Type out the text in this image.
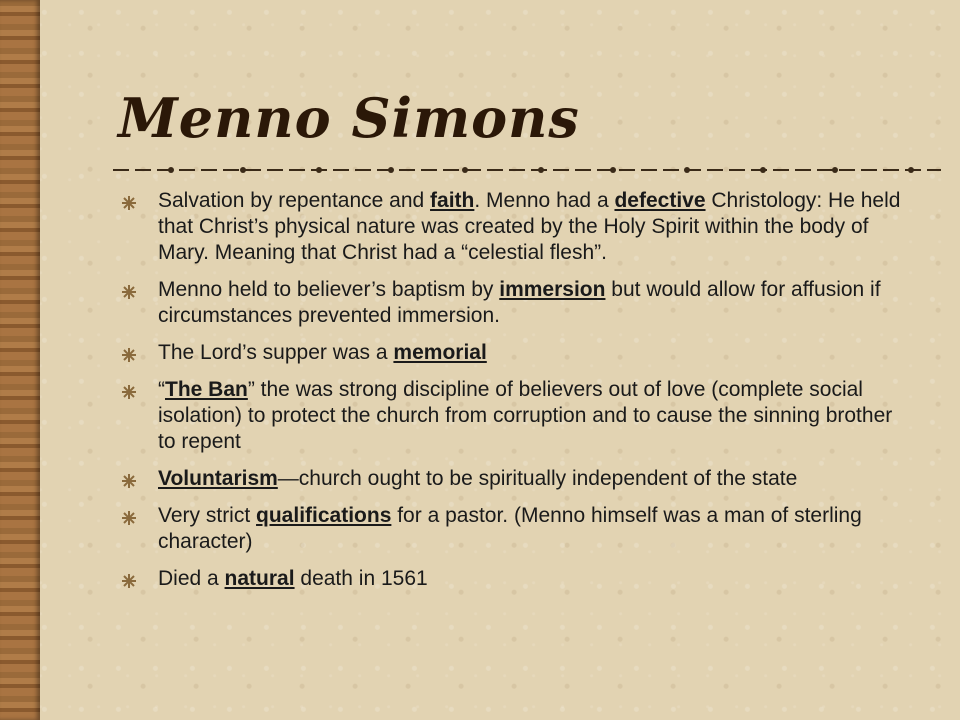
Menno Simons
Salvation by repentance and faith. Menno had a defective Christology: He held that Christ’s physical nature was created by the Holy Spirit within the body of Mary. Meaning that Christ had a “celestial flesh”.
Menno held to believer’s baptism by immersion but would allow for affusion if circumstances prevented immersion.
The Lord’s supper was a memorial
“The Ban” the was strong discipline of believers out of love (complete social isolation) to protect the church from corruption and to cause the sinning brother to repent
Voluntarism—church ought to be spiritually independent of the state
Very strict qualifications for a pastor. (Menno himself was a man of sterling character)
Died a natural death in 1561
